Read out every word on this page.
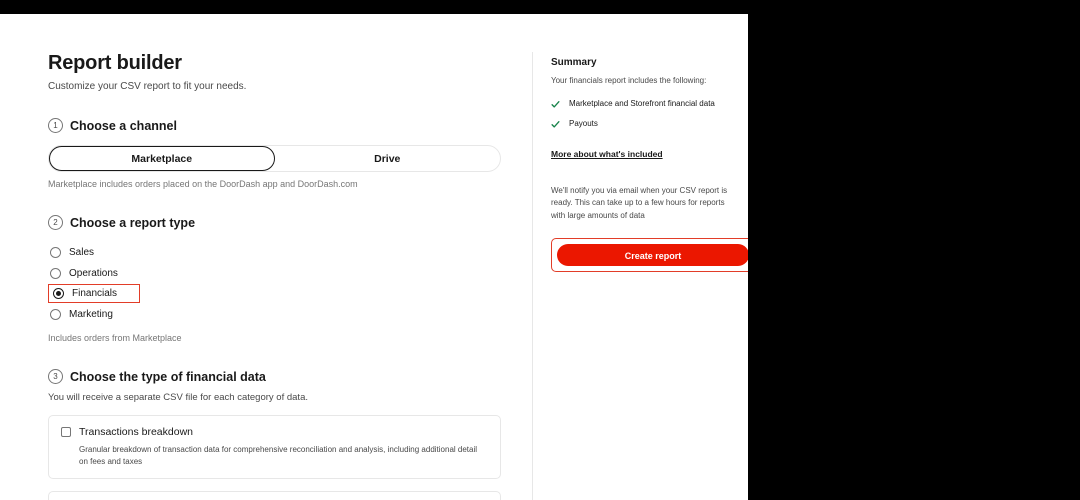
Report builder

Customize your CSV report to fit your needs.

1 Choose a channel
Marketplace	Drive

Marketplace includes orders placed on the DoorDash app and DoorDash.com

2 Choose a report type
Sales
Operations
Financials
Marketing

Includes orders from Marketplace

3 Choose the type of financial data

You will receive a separate CSV file for each category of data.

Transactions breakdown

Granular breakdown of transaction data for comprehensive reconciliation and analysis, including additional detail on fees and taxes

Summary
Your financials report includes the following:
Marketplace and Storefront financial data
Payouts
More about what's included

We'll notify you via email when your CSV report is ready. This can take up to a few hours for reports with large amounts of data

Create report
